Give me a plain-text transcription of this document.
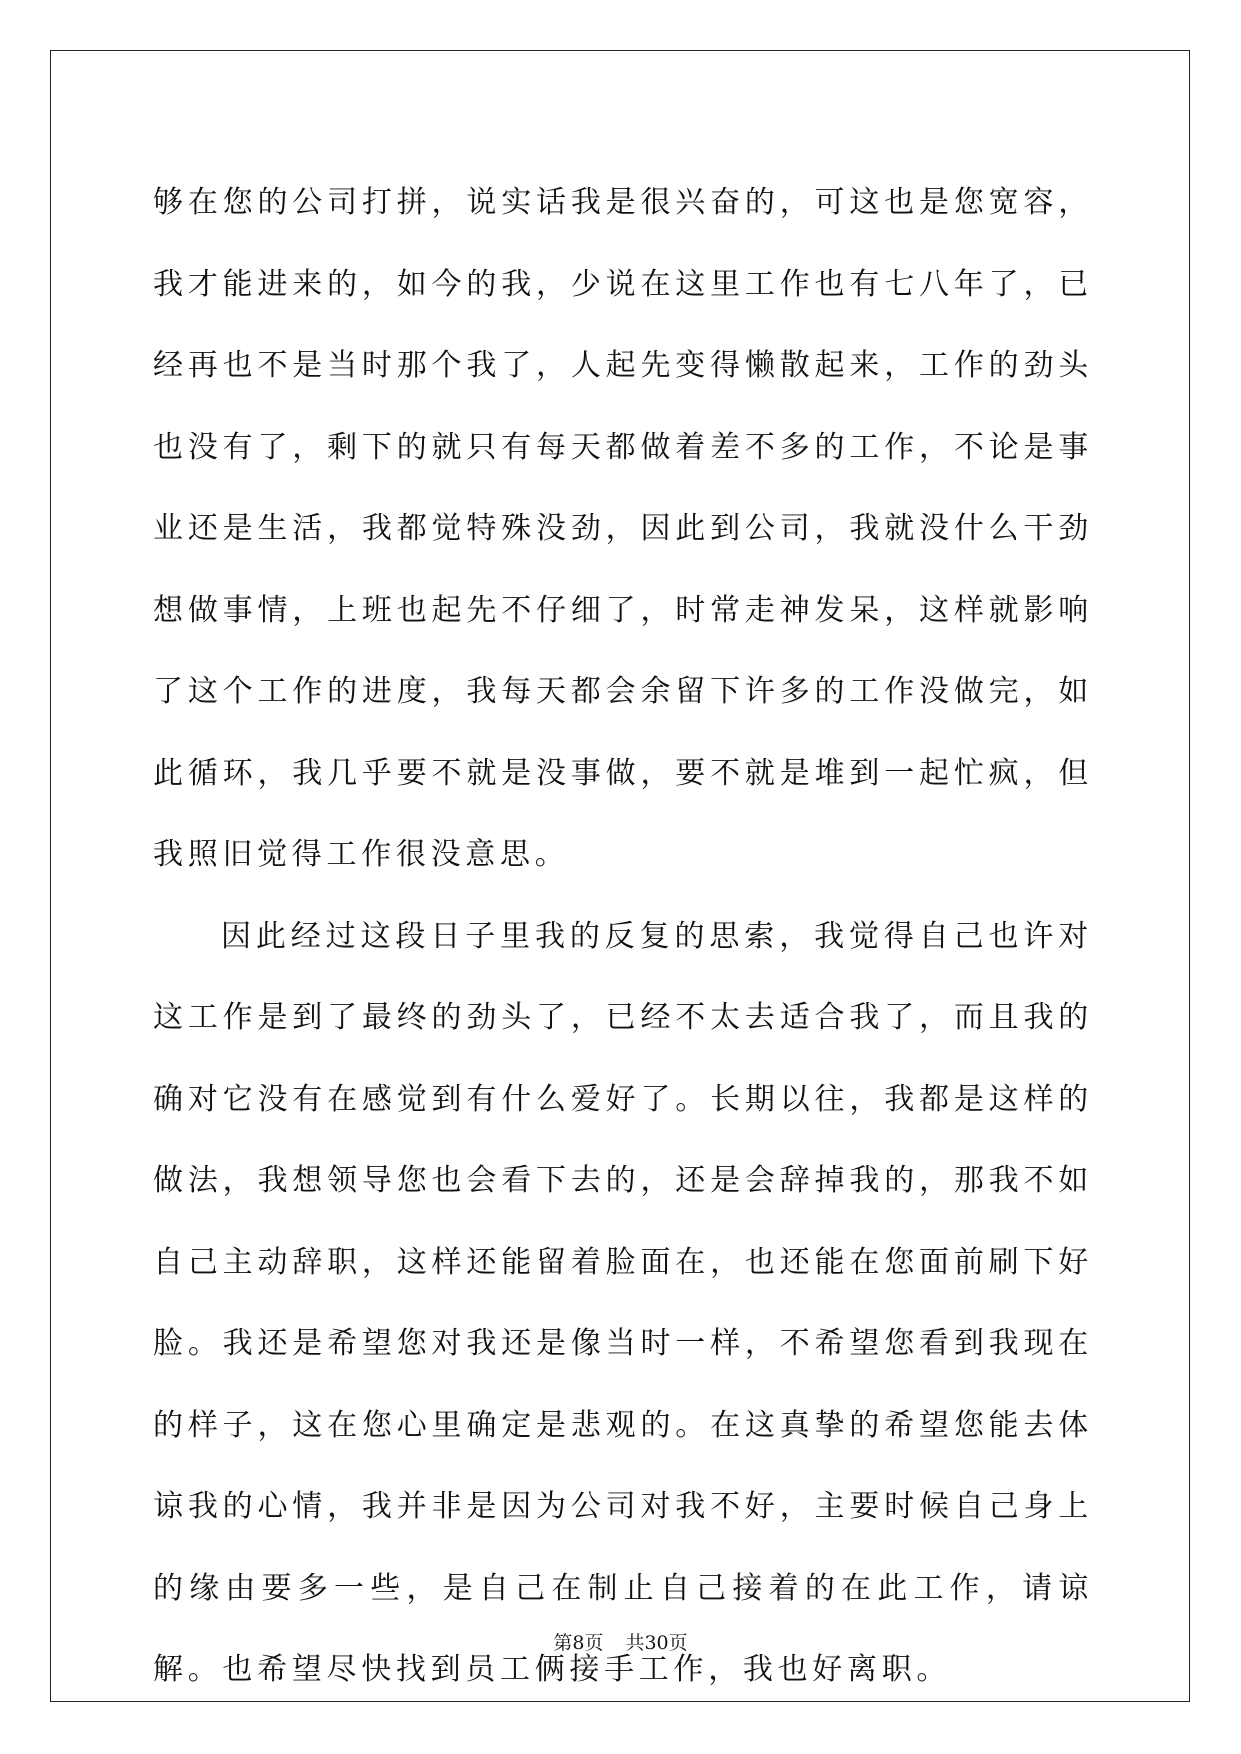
够在您的公司打拼，说实话我是很兴奋的，可这也是您宽容，我才能进来的，如今的我，少说在这里工作也有七八年了，已经再也不是当时那个我了，人起先变得懒散起来，工作的劲头也没有了，剩下的就只有每天都做着差不多的工作，不论是事业还是生活，我都觉特殊没劲，因此到公司，我就没什么干劲想做事情，上班也起先不仔细了，时常走神发呆，这样就影响了这个工作的进度，我每天都会余留下许多的工作没做完，如此循环，我几乎要不就是没事做，要不就是堆到一起忙疯，但我照旧觉得工作很没意思。

因此经过这段日子里我的反复的思索，我觉得自己也许对这工作是到了最终的劲头了，已经不太去适合我了，而且我的确对它没有在感觉到有什么爱好了。长期以往，我都是这样的做法，我想领导您也会看下去的，还是会辞掉我的，那我不如自己主动辞职，这样还能留着脸面在，也还能在您面前刷下好脸。我还是希望您对我还是像当时一样，不希望您看到我现在的样子，这在您心里确定是悲观的。在这真挚的希望您能去体谅我的心情，我并非是因为公司对我不好，主要时候自己身上的缘由要多一些，是自己在制止自己接着的在此工作，请谅解。也希望尽快找到员工俩接手工作，我也好离职。

第8页 共30页
